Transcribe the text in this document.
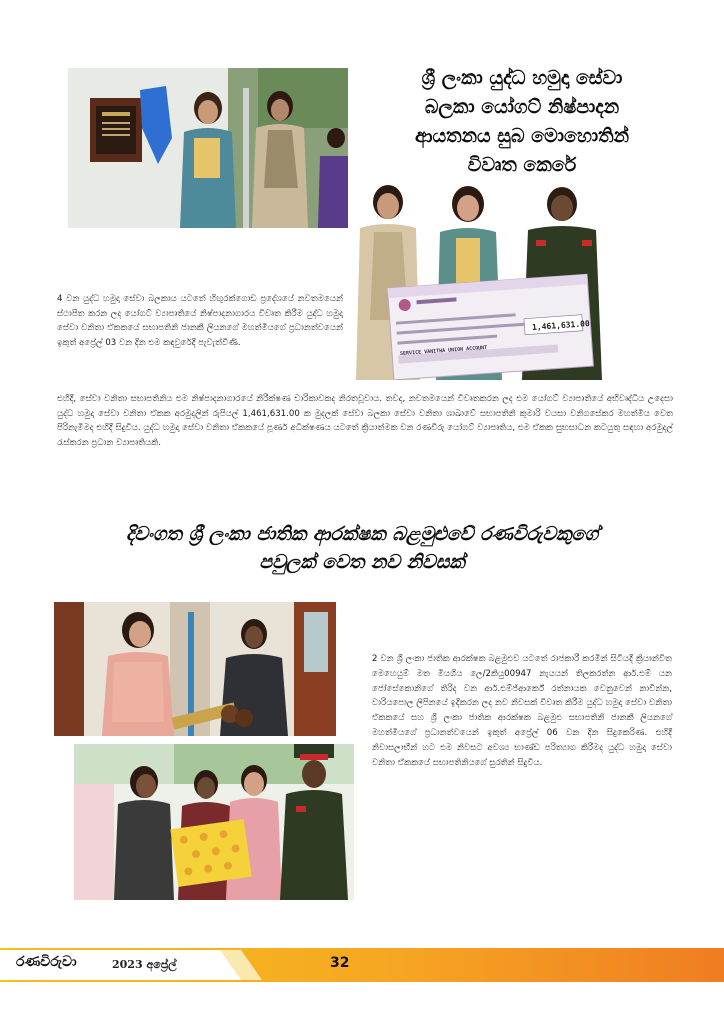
ශ්‍රී ලංකා යුද්ධ හමුදා සේවා
බලකා යෝගට් නිෂ්පාදන
ආයතනය සුබ මොහොතින්
විවෘත කෙරේ
1,461,631.00
SERVICE VANITHA UNION ACCOUNT
4 වන යුද්ධ හමුදා සේවා බලකාය යටතේ හිඟුරක්ගොඩ ප්‍රදේශයේ නවතමයෙන් ස්ථාපිත කරන ලද යෝගට් ව්‍යාපෘතියේ නිෂ්පාදනාගාරය විවෘත කිරීම යුද්ධ හමුදා සේවා වනිතා ඒකකයේ සභාපතිනි ජානකී ලියනගේ මහත්මියගේ ප්‍රධානත්වයෙන් ඉකුත් අප්‍රේල් 03 වන දින එම කඳවුරේදී පැවැත්විණි.
එහිදී, සේවා වනිතා සභාපතිනිය එම නිෂ්පාදනාගාරයේ නිරීක්ෂණ චාරිකාවකද නිරතවූවාය. තවද, නවතමයෙන් විවෘතකරන ලද එම යෝගට් ව්‍යාපෘතියේ අභිවෘද්ධිය උදෙසා යුද්ධ හමුදා සේවා වනිතා ඒකක අරමුදලින් රුපියල් 1,461,631.00 ක මුදලක් සේවා බලකා සේවා වනිතා ශාඛාවේ සභාපතිනි කුමාරි වයසා වනිගසේකර මහත්මිය වෙත පිරිනැමීමද එහිදී සිදුවිය. යුද්ධ හමුදා සේවා වනිතා ඒකකයේ පූර්ණ අධීක්ෂණය යටතේ ක්‍රියාත්මක වන රණවිරු යෝගට් ව්‍යාපෘතිය, එම ඒකක සුභසාධන කටයුතු සඳහා අරමුදල් රැස්කරන ප්‍රධාන ව්‍යාපෘතියකි.
දිවංගත ශ්‍රී ලංකා ජාතික ආරක්ෂක බළමුළුවේ රණවිරුවකුගේ
පවුලක් වෙත නව නිවසක්
2 වන ශ්‍රී ලංකා ජාතික ආරක්ෂක බළමුළුව යටතේ රාජකාරී කරමින් සිටියදී ක්‍රියාන්විත මෙහෙයුම් මත මියගිය ලෙ/2කියු00947 නැයයන් තිලකරත්න ආර්.එම් යන ජෝසේකොනිගේ තිරිද වන ආර්.එම්ජ්ආර්කේ රත්නායක වෙනුවෙන් නාවින්න, වාරියපොල ලිපිනයේ ඉදිකරන ලද නව නිවසක් විවෘත කිරීම යුද්ධ හමුදා සේවා වනිතා ඒකකයේ සහ ශ්‍රී ලංකා ජාතික ආරක්ෂක බළමුළු සභාපතිනි ජානකී ලියනගේ මහත්මියගේ ප්‍රධානත්වයෙන් ඉකුත් අප්‍රේල් 06 වන දින සිදුකෙරිණ. එහිදී නිවාසලාභීන් හට එම නිවසට අවශ්‍ය භාණ්ඩ පරිත්‍යාග කිරීමද යුද්ධ හමුදා සේවා වනිතා ඒකකයේ සභාපතිනියගේ සුරතින් සිදුවිය.
රණවිරුවා	2023 අප්‍රේල්	32
